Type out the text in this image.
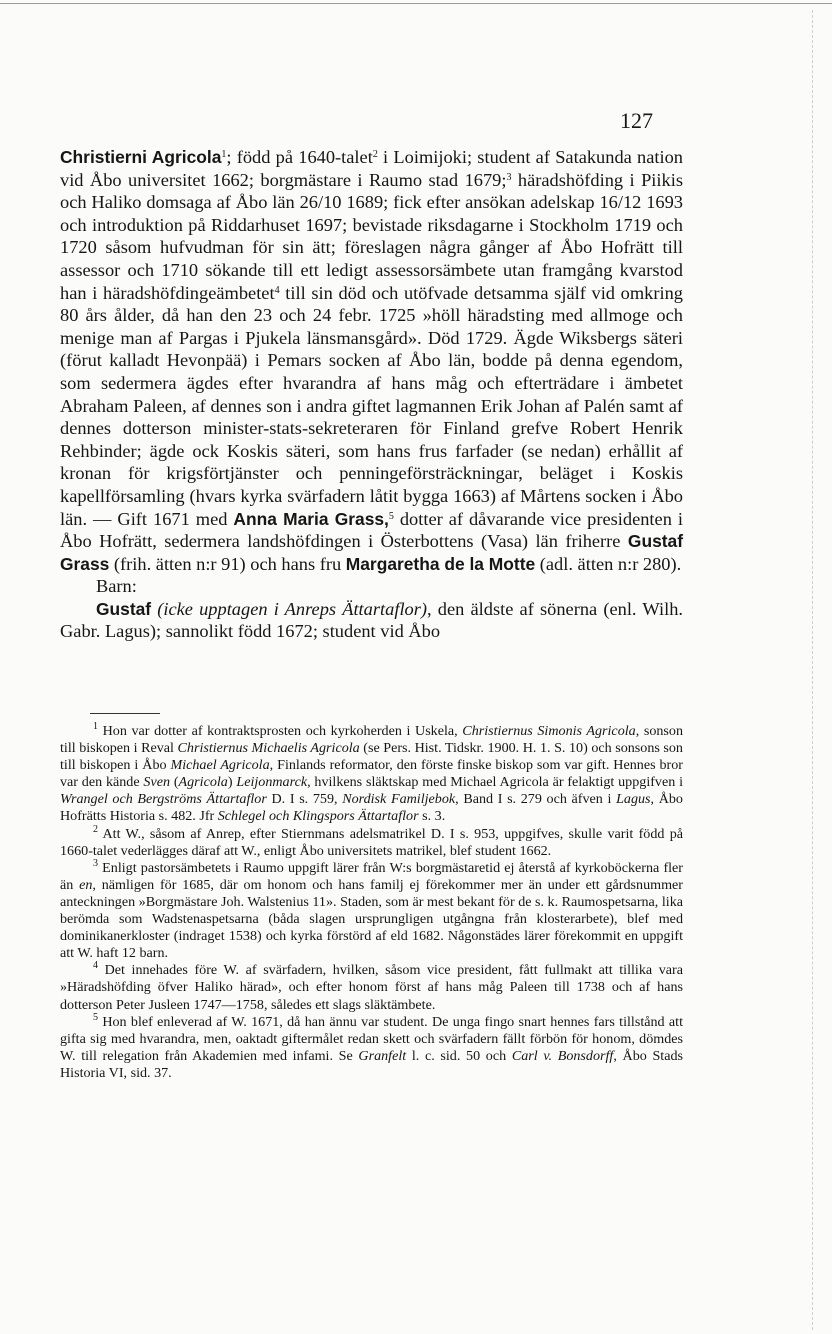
127

Christierni Agricola$^1$; född på 1640-talet$^2$ i Loimijoki; student af Satakunda nation vid Åbo universitet 1662; borgmästare i Raumo stad 1679;$^3$ häradshöfding i Piikis och Haliko domsaga af Åbo län 26/10 1689; fick efter ansökan adelskap 16/12 1693 och introduktion på Riddarhuset 1697; bevistade riksdagarne i Stockholm 1719 och 1720 såsom hufvudman för sin ätt; föreslagen några gånger af Åbo Hofrätt till assessor och 1710 sökande till ett ledigt assessorsämbete utan framgång kvarstod han i häradshöfdingeämbetet$^4$ till sin död och utöfvade detsamma själf vid omkring 80 års ålder, då han den 23 och 24 febr. 1725 »höll häradsting med allmoge och menige man af Pargas i Pjukela länsmansgård». Död 1729. Ägde Wiksbergs säteri (förut kalladt Hevonpää) i Pemars socken af Åbo län, bodde på denna egendom, som sedermera ägdes efter hvarandra af hans måg och efterträdare i ämbetet Abraham Paleen, af dennes son i andra giftet lagmannen Erik Johan af Palén samt af dennes dotterson minister-stats-sekreteraren för Finland grefve Robert Henrik Rehbinder; ägde ock Koskis säteri, som hans frus farfader (se nedan) erhållit af kronan för krigsförtjänster och penningeförsträckningar, beläget i Koskis kapellförsamling (hvars kyrka svärfadern låtit bygga 1663) af Mårtens socken i Åbo län. — Gift 1671 med Anna Maria Grass,$^5$ dotter af dåvarande vice presidenten i Åbo Hofrätt, sedermera landshöfdingen i Österbottens (Vasa) län friherre Gustaf Grass (frih. ätten n:r 91) och hans fru Margaretha de la Motte (adl. ätten n:r 280).

Barn:

Gustaf (icke upptagen i Anreps Ättartaflor), den äldste af sönerna (enl. Wilh. Gabr. Lagus); sannolikt född 1672; student vid Åbo

$^1$ Hon var dotter af kontraktsprosten och kyrkoherden i Uskela, Christiernus Simonis Agricola, sonson till biskopen i Reval Christiernus Michaelis Agricola (se Pers. Hist. Tidskr. 1900. H. 1. S. 10) och sonsons son till biskopen i Åbo Michael Agricola, Finlands reformator, den förste finske biskop som var gift. Hennes bror var den kände Sven (Agricola) Leijonmarck, hvilkens släktskap med Michael Agricola är felaktigt uppgifven i Wrangel och Bergströms Ättartaflor D. I s. 759, Nordisk Familjebok, Band I s. 279 och äfven i Lagus, Åbo Hofrätts Historia s. 482. Jfr Schlegel och Klingspors Ättartaflor s. 3.

$^2$ Att W., såsom af Anrep, efter Stiernmans adelsmatrikel D. I s. 953, uppgifves, skulle varit född på 1660-talet vederlägges däraf att W., enligt Åbo universitets matrikel, blef student 1662.

$^3$ Enligt pastorsämbetets i Raumo uppgift lärer från W:s borgmästaretid ej återstå af kyrkoböckerna fler än en, nämligen för 1685, där om honom och hans familj ej förekommer mer än under ett gårdsnummer anteckningen »Borgmästare Joh. Walstenius 11». Staden, som är mest bekant för de s. k. Raumospetsarna, lika berömda som Wadstenaspetsarna (båda slagen ursprungligen utgångna från klosterarbete), blef med dominikanerkloster (indraget 1538) och kyrka förstörd af eld 1682. Någonstädes lärer förekommit en uppgift att W. haft 12 barn.

$^4$ Det innehades före W. af svärfadern, hvilken, såsom vice president, fått fullmakt att tillika vara »Häradshöfding öfver Haliko härad», och efter honom först af hans måg Paleen till 1738 och af hans dotterson Peter Jusleen 1747—1758, således ett slags släktämbete.

$^5$ Hon blef enleverad af W. 1671, då han ännu var student. De unga fingo snart hennes fars tillstånd att gifta sig med hvarandra, men, oaktadt giftermålet redan skett och svärfadern fällt förbön för honom, dömdes W. till relegation från Akademien med infami. Se Granfelt l. c. sid. 50 och Carl v. Bonsdorff, Åbo Stads Historia VI, sid. 37.
